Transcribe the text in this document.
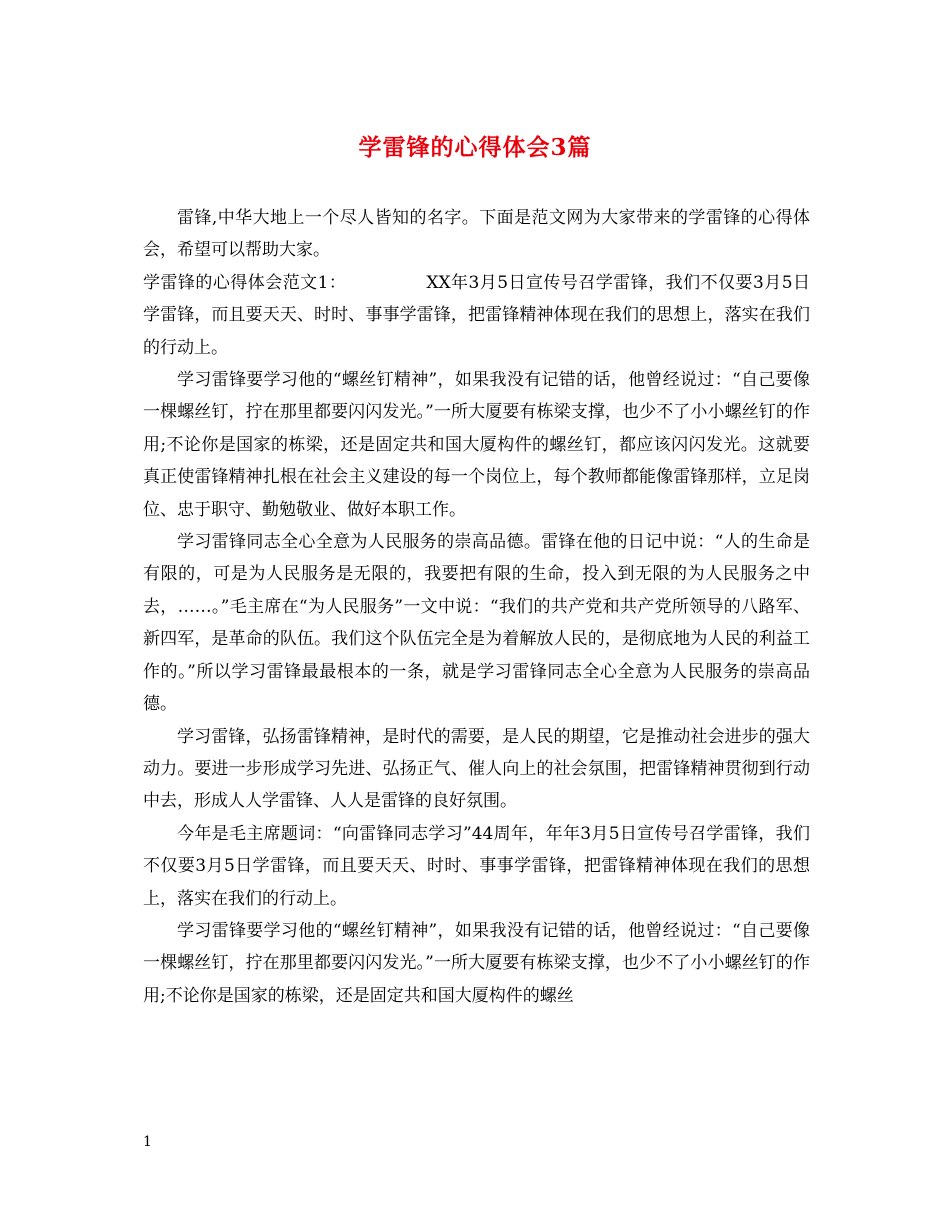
学雷锋的心得体会3篇

雷锋,中华大地上一个尽人皆知的名字。下面是范文网为大家带来的学雷锋的心得体会，希望可以帮助大家。

学雷锋的心得体会范文1：	XX年3月5日宣传号召学雷锋，我们不仅要3月5日学雷锋，而且要天天、时时、事事学雷锋，把雷锋精神体现在我们的思想上，落实在我们的行动上。

学习雷锋要学习他的“螺丝钉精神”，如果我没有记错的话，他曾经说过：“自己要像一棵螺丝钉，拧在那里都要闪闪发光。”一所大厦要有栋梁支撑，也少不了小小螺丝钉的作用;不论你是国家的栋梁，还是固定共和国大厦构件的螺丝钉，都应该闪闪发光。这就要真正使雷锋精神扎根在社会主义建设的每一个岗位上，每个教师都能像雷锋那样，立足岗位、忠于职守、勤勉敬业、做好本职工作。

学习雷锋同志全心全意为人民服务的崇高品德。雷锋在他的日记中说：“人的生命是有限的，可是为人民服务是无限的，我要把有限的生命，投入到无限的为人民服务之中去，……。”毛主席在“为人民服务”一文中说：“我们的共产党和共产党所领导的八路军、新四军，是革命的队伍。我们这个队伍完全是为着解放人民的，是彻底地为人民的利益工作的。”所以学习雷锋最最根本的一条，就是学习雷锋同志全心全意为人民服务的崇高品德。

学习雷锋，弘扬雷锋精神，是时代的需要，是人民的期望，它是推动社会进步的强大动力。要进一步形成学习先进、弘扬正气、催人向上的社会氛围，把雷锋精神贯彻到行动中去，形成人人学雷锋、人人是雷锋的良好氛围。

今年是毛主席题词：“向雷锋同志学习”44周年，年年3月5日宣传号召学雷锋，我们不仅要3月5日学雷锋，而且要天天、时时、事事学雷锋，把雷锋精神体现在我们的思想上，落实在我们的行动上。

学习雷锋要学习他的“螺丝钉精神”，如果我没有记错的话，他曾经说过：“自己要像一棵螺丝钉，拧在那里都要闪闪发光。”一所大厦要有栋梁支撑，也少不了小小螺丝钉的作用;不论你是国家的栋梁，还是固定共和国大厦构件的螺丝

1
